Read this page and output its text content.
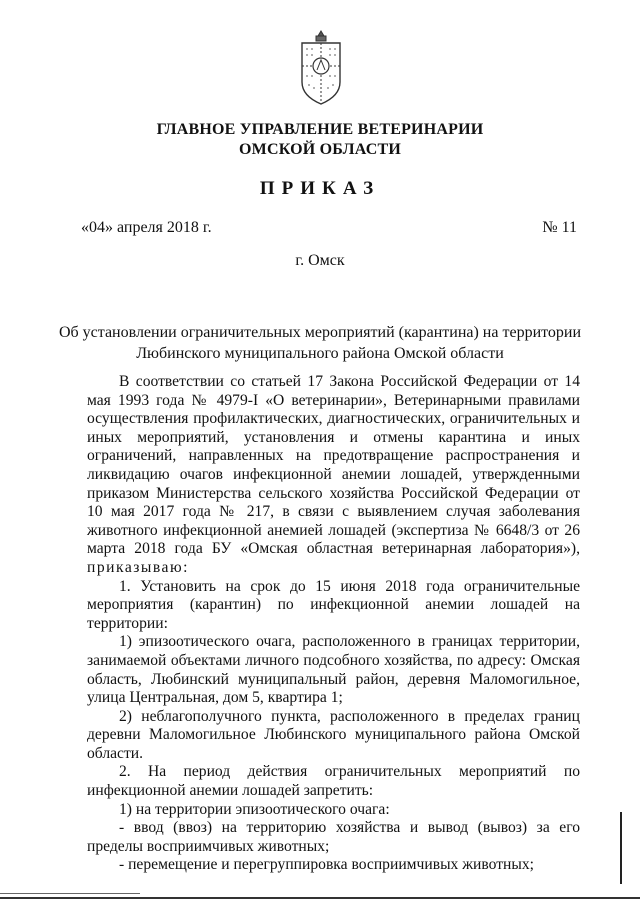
ГЛАВНОЕ УПРАВЛЕНИЕ ВЕТЕРИНАРИИ
ОМСКОЙ ОБЛАСТИ
ПРИКАЗ
«04» апреля 2018 г.	№ 11
г. Омск
Об установлении ограничительных мероприятий (карантина) на территории
Любинского муниципального района Омской области

В соответствии со статьей 17 Закона Российской Федерации от 14 мая 1993 года № 4979-I «О ветеринарии», Ветеринарными правилами осуществления профилактических, диагностических, ограничительных и иных мероприятий, установления и отмены карантина и иных ограничений, направленных на предотвращение распространения и ликвидацию очагов инфекционной анемии лошадей, утвержденными приказом Министерства сельского хозяйства Российской Федерации от 10 мая 2017 года № 217, в связи с выявлением случая заболевания животного инфекционной анемией лошадей (экспертиза № 6648/3 от 26 марта 2018 года БУ «Омская областная ветеринарная лаборатория»), приказываю:

1. Установить на срок до 15 июня 2018 года ограничительные мероприятия (карантин) по инфекционной анемии лошадей на территории:

1) эпизоотического очага, расположенного в границах территории, занимаемой объектами личного подсобного хозяйства, по адресу: Омская область, Любинский муниципальный район, деревня Маломогильное, улица Центральная, дом 5, квартира 1;

2) неблагополучного пункта, расположенного в пределах границ деревни Маломогильное Любинского муниципального района Омской области.

2. На период действия ограничительных мероприятий по инфекционной анемии лошадей запретить:

1) на территории эпизоотического очага:

- ввод (ввоз) на территорию хозяйства и вывод (вывоз) за его пределы восприимчивых животных;

- перемещение и перегруппировка восприимчивых животных;
